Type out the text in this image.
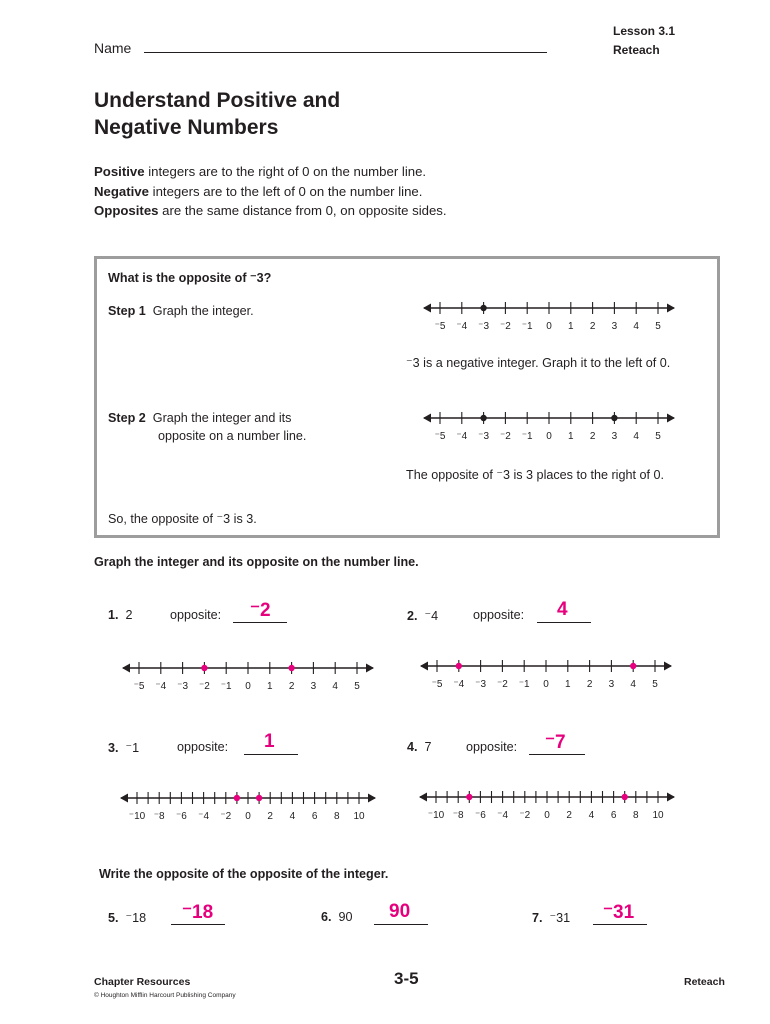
Lesson 3.1
Reteach
Name
Understand Positive and
Negative Numbers
Positive integers are to the right of 0 on the number line.
Negative integers are to the left of 0 on the number line.
Opposites are the same distance from 0, on opposite sides.
What is the opposite of ⁻3?
Step 1 Graph the integer.
⁻3 is a negative integer. Graph it to the left of 0.
Step 2 Graph the integer and its
opposite on a number line.
The opposite of ⁻3 is 3 places to the right of 0.
So, the opposite of ⁻3 is 3.
Graph the integer and its opposite on the number line.
1. 2	opposite: ⁻2	2. ⁻4	opposite: 4
3. ⁻1	opposite: 1	4. 7	opposite: ⁻7
Write the opposite of the opposite of the integer.
5. ⁻18 ⁻18	6. 90 90	7. ⁻31 ⁻31
⁻5 ⁻4 ⁻3 ⁻2 ⁻1 0 1 2 3 4 5
⁻5 ⁻4 ⁻3 ⁻2 ⁻1 0 1 2 3 4 5
⁻5 ⁻4 ⁻3 ⁻2 ⁻1 0 1 2 3 4 5	⁻5 ⁻4 ⁻3 ⁻2 ⁻1 0 1 2 3 4 5
⁻10 ⁻8 ⁻6 ⁻4 ⁻2 0 2 4 6 8 10	⁻10 ⁻8 ⁻6 ⁻4 ⁻2 0 2 4 6 8 10
Chapter Resources
© Houghton Mifflin Harcourt Publishing Company
3-5	Reteach
